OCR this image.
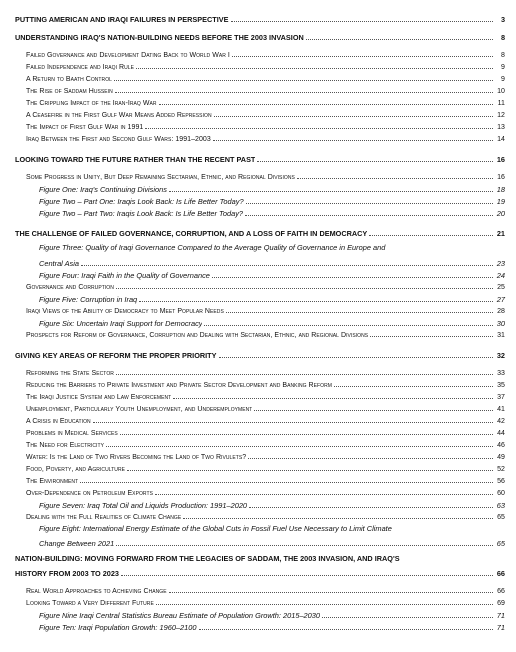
PUTTING AMERICAN AND IRAQI FAILURES IN PERSPECTIVE	3
UNDERSTANDING IRAQ'S NATION-BUILDING NEEDS BEFORE THE 2003 INVASION	8
Failed Governance and Development Dating Back to World War I	8
Failed Independence and Iraqi Rule	9
A Return to Baath Control	9
The Rise of Saddam Hussein	10
The Crippling Impact of the Iran-Iraq War	11
A Ceasefire in the First Gulf War Means Added Repression	12
The Impact of First Gulf War in 1991	13
Iraq Between the First and Second Gulf Wars: 1991–2003	14
LOOKING TOWARD THE FUTURE RATHER THAN THE RECENT PAST	16
Some Progress in Unity, But Deep Remaining Sectarian, Ethnic, and Regional Divisions	16
Figure One: Iraq's Continuing Divisions	18
Figure Two – Part One: Iraqis Look Back: Is Life Better Today?	19
Figure Two – Part Two: Iraqis Look Back: Is Life Better Today?	20
THE CHALLENGE OF FAILED GOVERNANCE, CORRUPTION, AND A LOSS OF FAITH IN DEMOCRACY	21
Figure Three: Quality of Iraqi Governance Compared to the Average Quality of Governance in Europe and
Central Asia	23
Figure Four: Iraqi Faith in the Quality of Governance	24
Governance and Corruption	25
Figure Five: Corruption in Iraq	27
Iraqi Views of the Ability of Democracy to Meet Popular Needs	28
Figure Six: Uncertain Iraqi Support for Democracy	30
Prospects for Reform of Governance, Corruption and Dealing with Sectarian, Ethnic, and Regional Divisions	31
GIVING KEY AREAS OF REFORM THE PROPER PRIORITY	32
Reforming the State Sector	33
Reducing the Barriers to Private Investment and Private Sector Development and Banking Reform	35
The Iraqi Justice System and Law Enforcement	37
Unemployment, Particularly Youth Unemployment, and Underemployment	41
A Crisis in Education	42
Problems in Medical Services	44
The Need for Electricity	46
Water: Is the Land of Two Rivers Becoming the Land of Two Rivulets?	49
Food, Poverty, and Agriculture	52
The Environment	56
Over-Dependence on Petroleum Exports	60
Figure Seven: Iraq Total Oil and Liquids Production: 1991–2020	63
Dealing with the Full Realities of Climate Change	65
Figure Eight: International Energy Estimate of the Global Cuts in Fossil Fuel Use Necessary to Limit Climate
Change Between 2021	65
NATION-BUILDING: MOVING FORWARD FROM THE LEGACIES OF SADDAM, THE 2003 INVASION, AND IRAQ'S
HISTORY FROM 2003 TO 2023	66
Real World Approaches to Achieving Change	66
Looking Toward a Very Different Future	69
Figure Nine Iraqi Central Statistics Bureau Estimate of Population Growth: 2015–2030	71
Figure Ten: Iraqi Population Growth: 1960–2100	71
